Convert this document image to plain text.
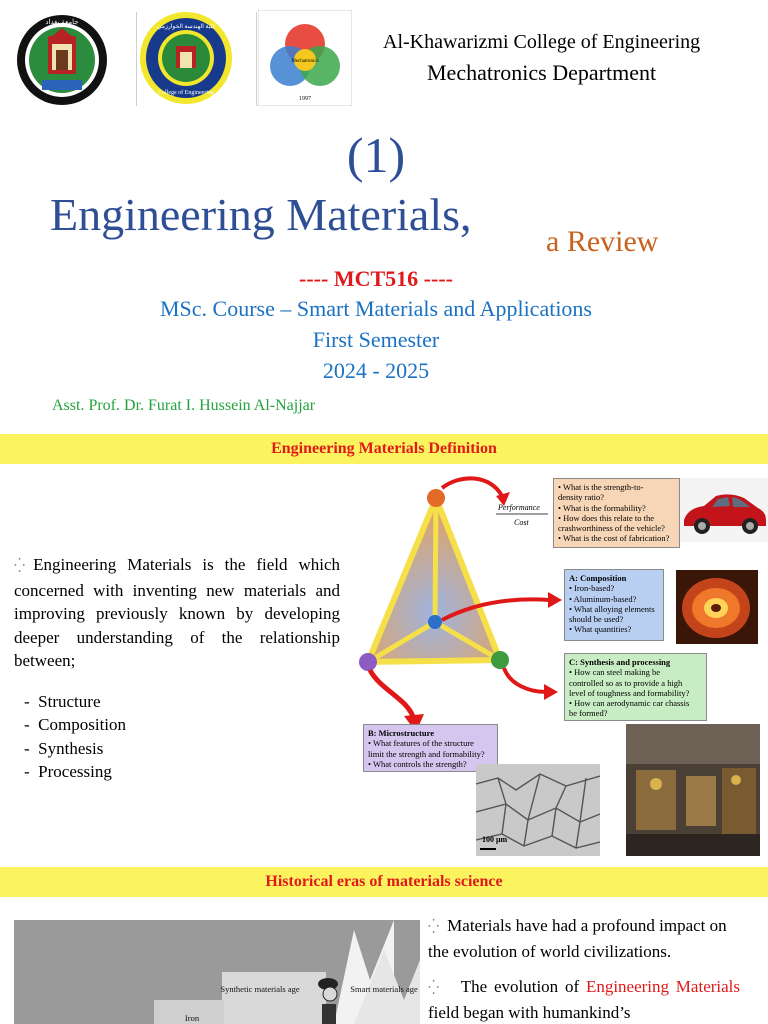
جامعة بغداد
كلية الهندسة الخوارزمي
College of Engineering
Mechatronics
1997
Al-Khawarizmi College of Engineering
Mechatronics Department
(1)
Engineering Materials,
a Review
---- MCT516 ----
MSc. Course – Smart Materials and Applications
First Semester
2024 - 2025
Asst. Prof. Dr. Furat I. Hussein Al-Najjar
Engineering Materials Definition
⁛ Engineering Materials is the field which concerned with inventing new materials and improving previously known by developing deeper understanding of the relationship between;
-  Structure
-  Composition
-  Synthesis
-  Processing
Performance
Cost
• What is the strength-to-
density ratio?
• What is the formability?
• How does this relate to the
crashworthiness of the vehicle?
• What is the cost of fabrication?
A: Composition
• Iron-based?
• Aluminum-based?
• What alloying elements
should be used?
• What quantities?
C: Synthesis and processing
• How can steel making be
controlled so as to provide a high
level of toughness and formability?
• How can aerodynamic car chassis
be formed?
B: Microstructure
• What features of the structure
limit the strength and formability?
• What controls the strength?
100 μm
Historical eras of materials science
Smart materials age
Synthetic materials age
Iron
⁛ Materials have had a profound impact on the evolution of world civilizations.
⁛ The evolution of Engineering Materials field began with humankind’s
